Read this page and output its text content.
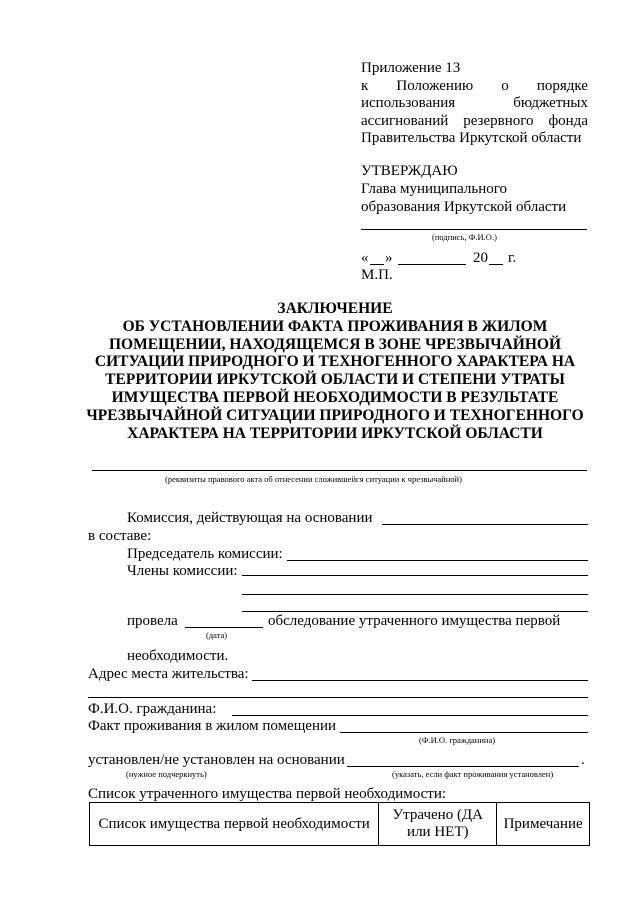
Приложение 13
к Положению о порядке
использования	бюджетных
ассигнований резервного фонда
Правительства Иркутской области
УТВЕРЖДАЮ
Глава муниципального
образования Иркутской области
(подпись, Ф.И.О.)
« »	20 г.
М.П.
ЗАКЛЮЧЕНИЕ
ОБ УСТАНОВЛЕНИИ ФАКТА ПРОЖИВАНИЯ В ЖИЛОМ
ПОМЕЩЕНИИ, НАХОДЯЩЕМСЯ В ЗОНЕ ЧРЕЗВЫЧАЙНОЙ
СИТУАЦИИ ПРИРОДНОГО И ТЕХНОГЕННОГО ХАРАКТЕРА НА
ТЕРРИТОРИИ ИРКУТСКОЙ ОБЛАСТИ И СТЕПЕНИ УТРАТЫ
ИМУЩЕСТВА ПЕРВОЙ НЕОБХОДИМОСТИ В РЕЗУЛЬТАТЕ
ЧРЕЗВЫЧАЙНОЙ СИТУАЦИИ ПРИРОДНОГО И ТЕХНОГЕННОГО
ХАРАКТЕРА НА ТЕРРИТОРИИ ИРКУТСКОЙ ОБЛАСТИ
(реквизиты правового акта об отнесении сложившейся ситуации к чрезвычайной)
Комиссия, действующая на основании
в составе:
Председатель комиссии:
Члены комиссии:
провела
(дата)
обследование утраченного имущества первой
необходимости.
Адрес места жительства:
Ф.И.О. гражданина:
Факт проживания в жилом помещении
(Ф.И.О. гражданина)
установлен/не установлен на основании	.
(нужное подчеркнуть)	(указать, если факт проживания установлен)
Список утраченного имущества первой необходимости:
Список имущества первой необходимости	Утрачено (ДА или НЕТ)	Примечание
